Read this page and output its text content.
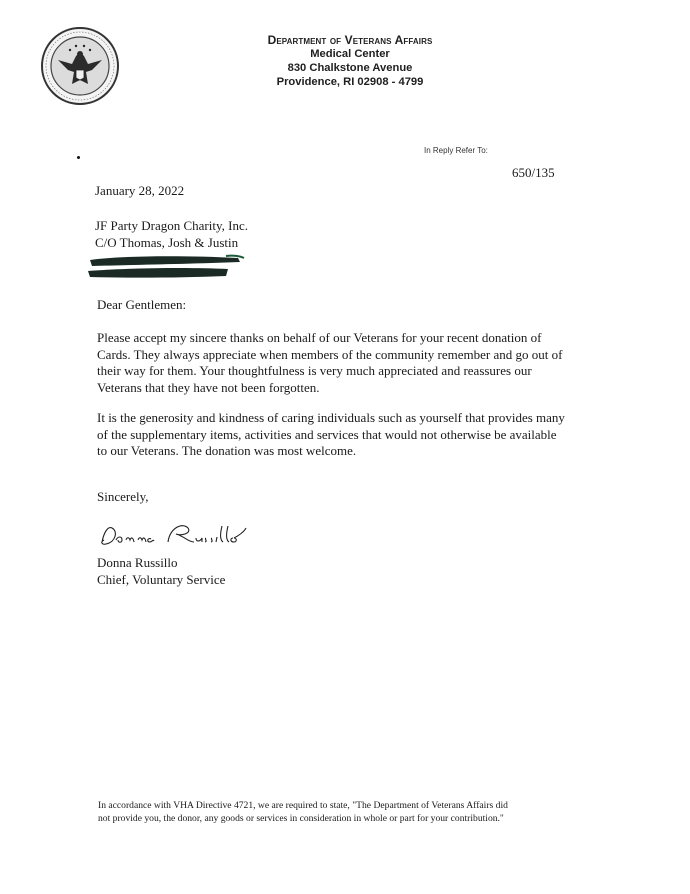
Department of Veterans Affairs
Medical Center
830 Chalkstone Avenue
Providence, RI 02908 - 4799
In Reply Refer To:
650/135
January 28, 2022
JF Party Dragon Charity, Inc.
C/O Thomas, Josh & Justin
Dear Gentlemen:
Please accept my sincere thanks on behalf of our Veterans for your recent donation of
Cards. They always appreciate when members of the community remember and go out of
their way for them. Your thoughtfulness is very much appreciated and reassures our
Veterans that they have not been forgotten.
It is the generosity and kindness of caring individuals such as yourself that provides many
of the supplementary items, activities and services that would not otherwise be available
to our Veterans. The donation was most welcome.
Sincerely,
Donna Russillo
Chief, Voluntary Service
In accordance with VHA Directive 4721, we are required to state, "The Department of Veterans Affairs did
not provide you, the donor, any goods or services in consideration in whole or part for your contribution."
